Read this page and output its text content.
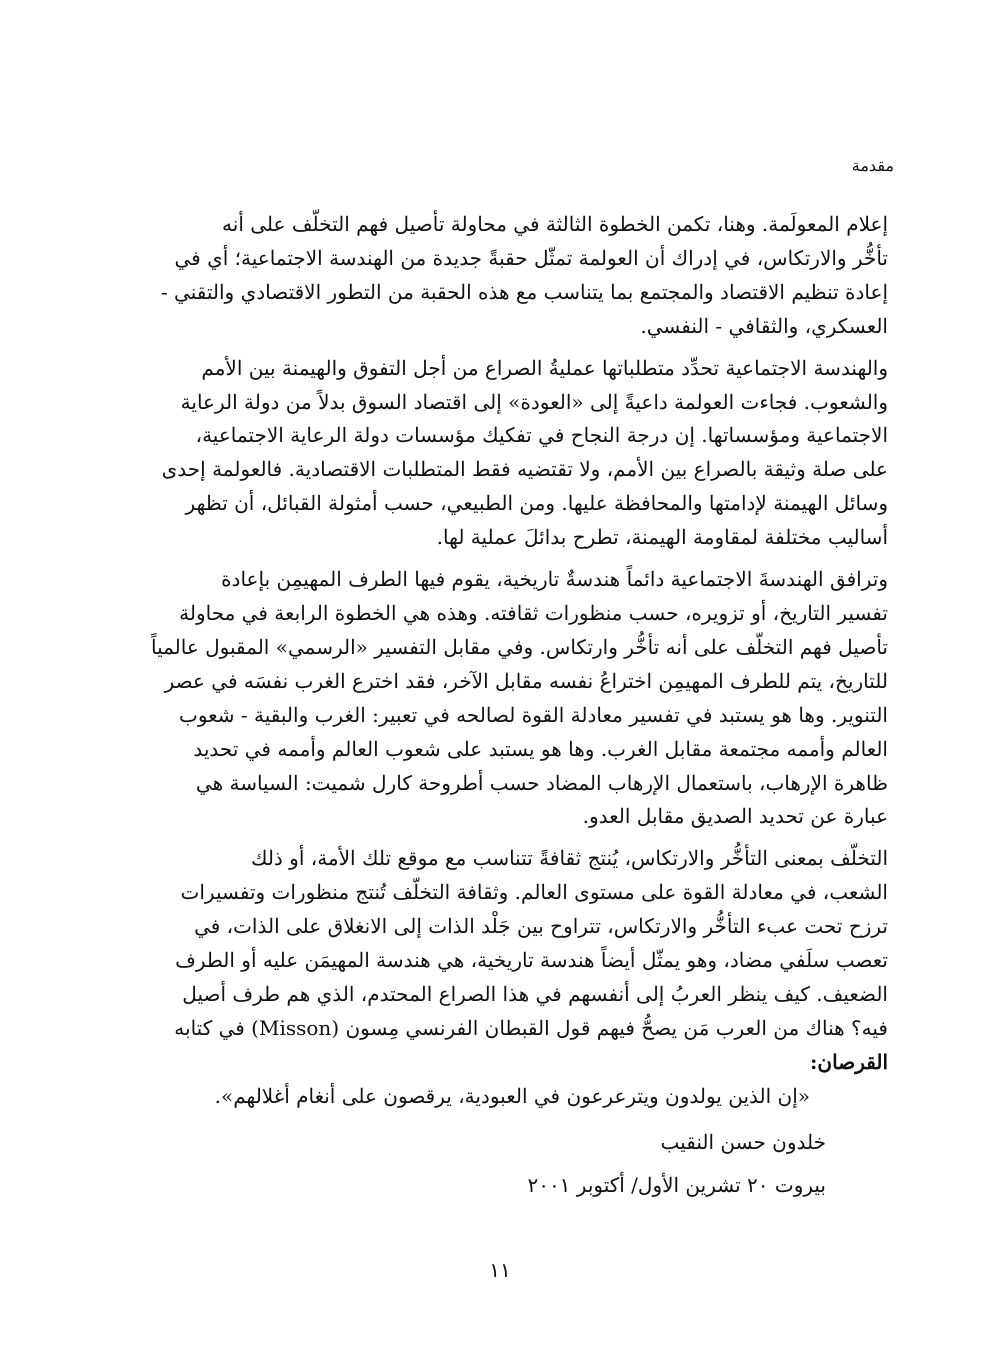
مقدمة

إعلام المعولَمة. وهنا، تكمن الخطوة الثالثة في محاولة تأصيل فهم التخلّف على أنه
تأخُّر والارتكاس، في إدراك أن العولمة تمثّل حقبةً جديدة من الهندسة الاجتماعية؛ أي في
إعادة تنظيم الاقتصاد والمجتمع بما يتناسب مع هذه الحقبة من التطور الاقتصادي والتقني -
العسكري، والثقافي - النفسي.

والهندسة الاجتماعية تحدِّد متطلباتها عمليةُ الصراع من أجل التفوق والهيمنة بين الأمم
والشعوب. فجاءت العولمة داعيةً إلى «العودة» إلى اقتصاد السوق بدلاً من دولة الرعاية
الاجتماعية ومؤسساتها. إن درجة النجاح في تفكيك مؤسسات دولة الرعاية الاجتماعية،
على صلة وثيقة بالصراع بين الأمم، ولا تقتضيه فقط المتطلبات الاقتصادية. فالعولمة إحدى
وسائل الهيمنة لإدامتها والمحافظة عليها. ومن الطبيعي، حسب أمثولة القبائل، أن تظهر
أساليب مختلفة لمقاومة الهيمنة، تطرح بدائلَ عملية لها.

وترافق الهندسةَ الاجتماعية دائماً هندسةٌ تاريخية، يقوم فيها الطرف المهيمِن بإعادة
تفسير التاريخ، أو تزويره، حسب منظورات ثقافته. وهذه هي الخطوة الرابعة في محاولة
تأصيل فهم التخلّف على أنه تأخُّر وارتكاس. وفي مقابل التفسير «الرسمي» المقبول عالمياً
للتاريخ، يتم للطرف المهيمِن اختراعُ نفسه مقابل الآخر، فقد اخترع الغرب نفسَه في عصر
التنوير. وها هو يستبد في تفسير معادلة القوة لصالحه في تعبير: الغرب والبقية - شعوب
العالم وأممه مجتمعة مقابل الغرب. وها هو يستبد على شعوب العالم وأممه في تحديد
ظاهرة الإرهاب، باستعمال الإرهاب المضاد حسب أطروحة كارل شميت: السياسة هي
عبارة عن تحديد الصديق مقابل العدو.

التخلّف بمعنى التأخُّر والارتكاس، يُنتج ثقافةً تتناسب مع موقع تلك الأمة، أو ذلك
الشعب، في معادلة القوة على مستوى العالم. وثقافة التخلّف تُنتج منظورات وتفسيرات
ترزح تحت عبء التأخُّر والارتكاس، تتراوح بين جَلْد الذات إلى الانغلاق على الذات، في
تعصب سلَفي مضاد، وهو يمثّل أيضاً هندسة تاريخية، هي هندسة المهيمَن عليه أو الطرف
الضعيف. كيف ينظر العربُ إلى أنفسهم في هذا الصراع المحتدم، الذي هم طرف أصيل
فيه؟ هناك من العرب مَن يصحُّ فيهم قول القبطان الفرنسي مِسون (Misson) في كتابه
القرصان:

«إن الذين يولدون ويترعرعون في العبودية، يرقصون على أنغام أغلالهم».

خلدون حسن النقيب

بيروت ٢٠ تشرين الأول/ أكتوبر ٢٠٠١

١١
